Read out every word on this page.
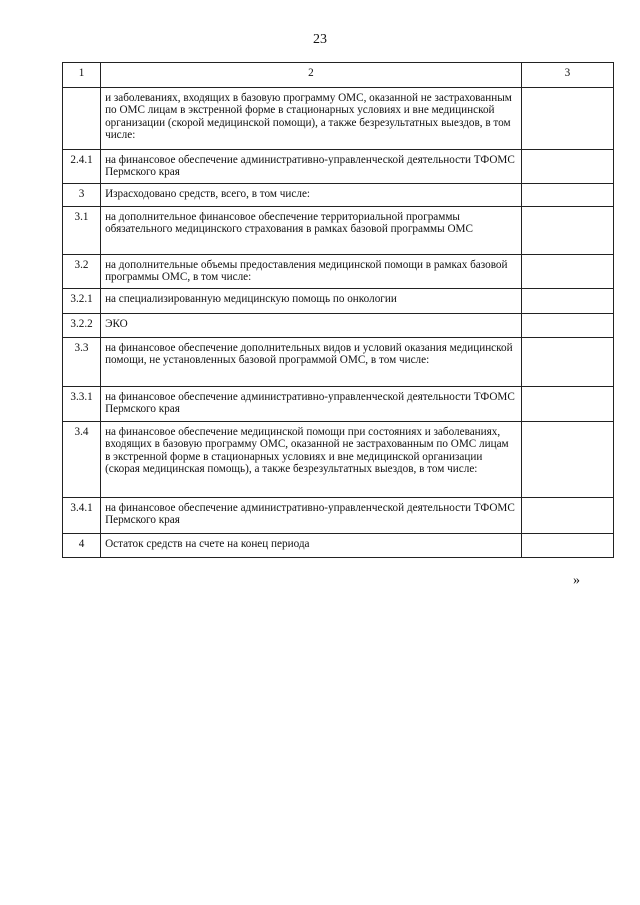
23
1	2	3
	и заболеваниях, входящих в базовую программу ОМС, оказанной не застрахованным по ОМС лицам в экстренной форме в стационарных условиях и вне медицинской организации (скорой медицинской помощи), а также безрезультатных выездов, в том числе:	
2.4.1	на финансовое обеспечение административно-управленческой деятельности ТФОМС Пермского края	
3	Израсходовано средств, всего, в том числе:	
3.1	на дополнительное финансовое обеспечение территориальной программы обязательного медицинского страхования в рамках базовой программы ОМС	
3.2	на дополнительные объемы предоставления медицинской помощи в рамках базовой программы ОМС, в том числе:	
3.2.1	на специализированную медицинскую помощь по онкологии	
3.2.2	ЭКО	
3.3	на финансовое обеспечение дополнительных видов и условий оказания медицинской помощи, не установленных базовой программой ОМС, в том числе:	
3.3.1	на финансовое обеспечение административно-управленческой деятельности ТФОМС Пермского края	
3.4	на финансовое обеспечение медицинской помощи при состояниях и заболеваниях, входящих в базовую программу ОМС, оказанной не застрахованным по ОМС лицам в экстренной форме в стационарных условиях и вне медицинской организации (скорая медицинская помощь), а также безрезультатных выездов, в том числе:	
3.4.1	на финансовое обеспечение административно-управленческой деятельности ТФОМС Пермского края	
4	Остаток средств на счете на конец периода	
»
